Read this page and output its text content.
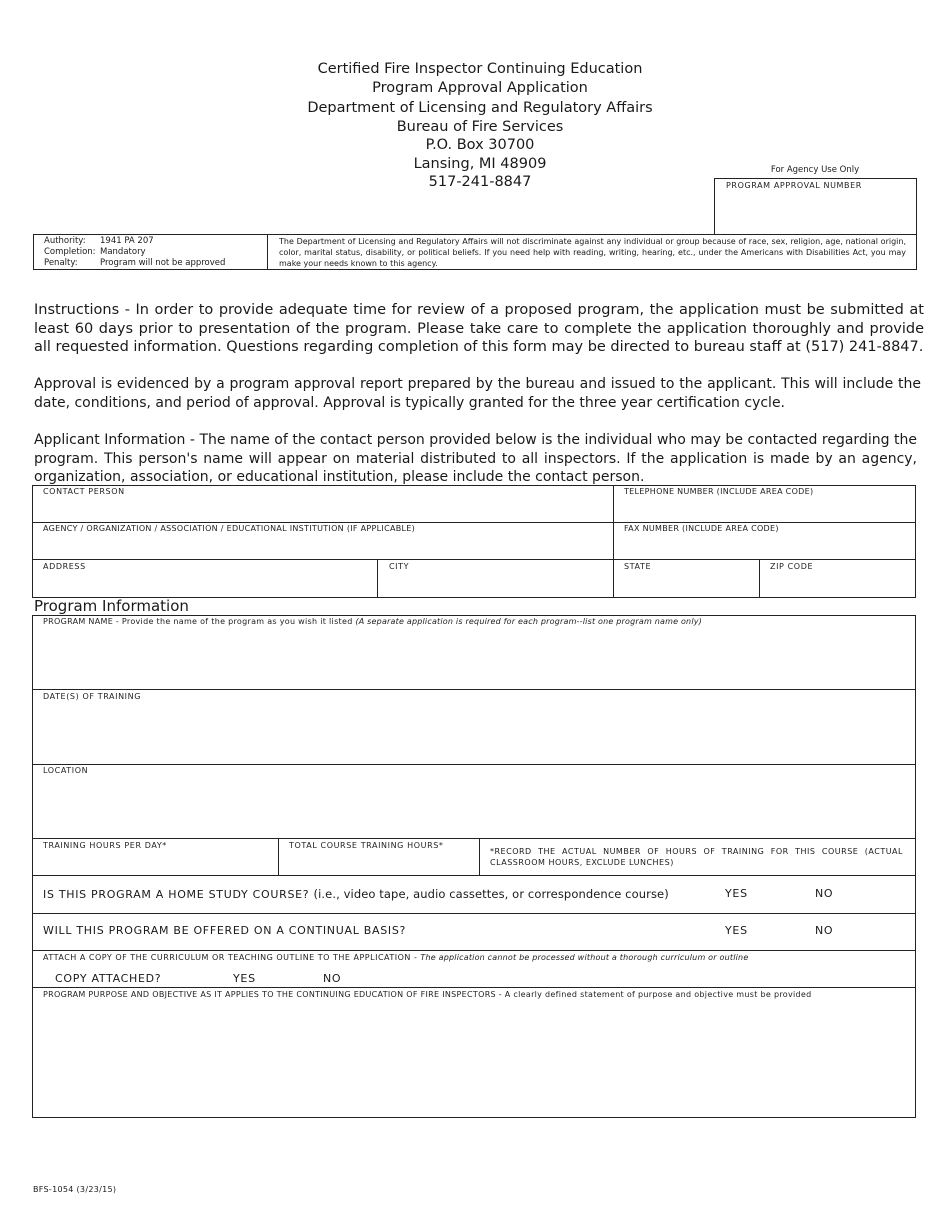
Certified Fire Inspector Continuing Education
Program Approval Application
Department of Licensing and Regulatory Affairs
Bureau of Fire Services
P.O. Box 30700
Lansing, MI 48909
517-241-8847
For Agency Use Only
PROGRAM APPROVAL NUMBER
Authority: 1941 PA 207
Completion: Mandatory
Penalty:	Program will not be approved
The Department of Licensing and Regulatory Affairs will not discriminate against any individual or group because of race, sex, religion, age, national origin, color, marital status, disability, or political beliefs. If you need help with reading, writing, hearing, etc., under the Americans with Disabilities Act, you may make your needs known to this agency.
Instructions - In order to provide adequate time for review of a proposed program, the application must be submitted at least 60 days prior to presentation of the program. Please take care to complete the application thoroughly and provide all requested information. Questions regarding completion of this form may be directed to bureau staff at (517) 241-8847.
Approval is evidenced by a program approval report prepared by the bureau and issued to the applicant. This will include the date, conditions, and period of approval. Approval is typically granted for the three year certification cycle.
Applicant Information - The name of the contact person provided below is the individual who may be contacted regarding the program. This person's name will appear on material distributed to all inspectors. If the application is made by an agency, organization, association, or educational institution, please include the contact person.
CONTACT PERSON	TELEPHONE NUMBER (INCLUDE AREA CODE)
AGENCY / ORGANIZATION / ASSOCIATION / EDUCATIONAL INSTITUTION (IF APPLICABLE)	FAX NUMBER (INCLUDE AREA CODE)
ADDRESS	CITY	STATE	ZIP CODE
Program Information
PROGRAM NAME - Provide the name of the program as you wish it listed (A separate application is required for each program--list one program name only)
DATE(S) OF TRAINING
LOCATION
TRAINING HOURS PER DAY*	TOTAL COURSE TRAINING HOURS*
*RECORD THE ACTUAL NUMBER OF HOURS OF TRAINING FOR THIS COURSE (ACTUAL CLASSROOM HOURS, EXCLUDE LUNCHES)
IS THIS PROGRAM A HOME STUDY COURSE? (i.e., video tape, audio cassettes, or correspondence course)	YES	NO
WILL THIS PROGRAM BE OFFERED ON A CONTINUAL BASIS?	YES	NO
ATTACH A COPY OF THE CURRICULUM OR TEACHING OUTLINE TO THE APPLICATION - The application cannot be processed without a thorough curriculum or outline
COPY ATTACHED?	YES	NO
PROGRAM PURPOSE AND OBJECTIVE AS IT APPLIES TO THE CONTINUING EDUCATION OF FIRE INSPECTORS - A clearly defined statement of purpose and objective must be provided
BFS-1054 (3/23/15)
